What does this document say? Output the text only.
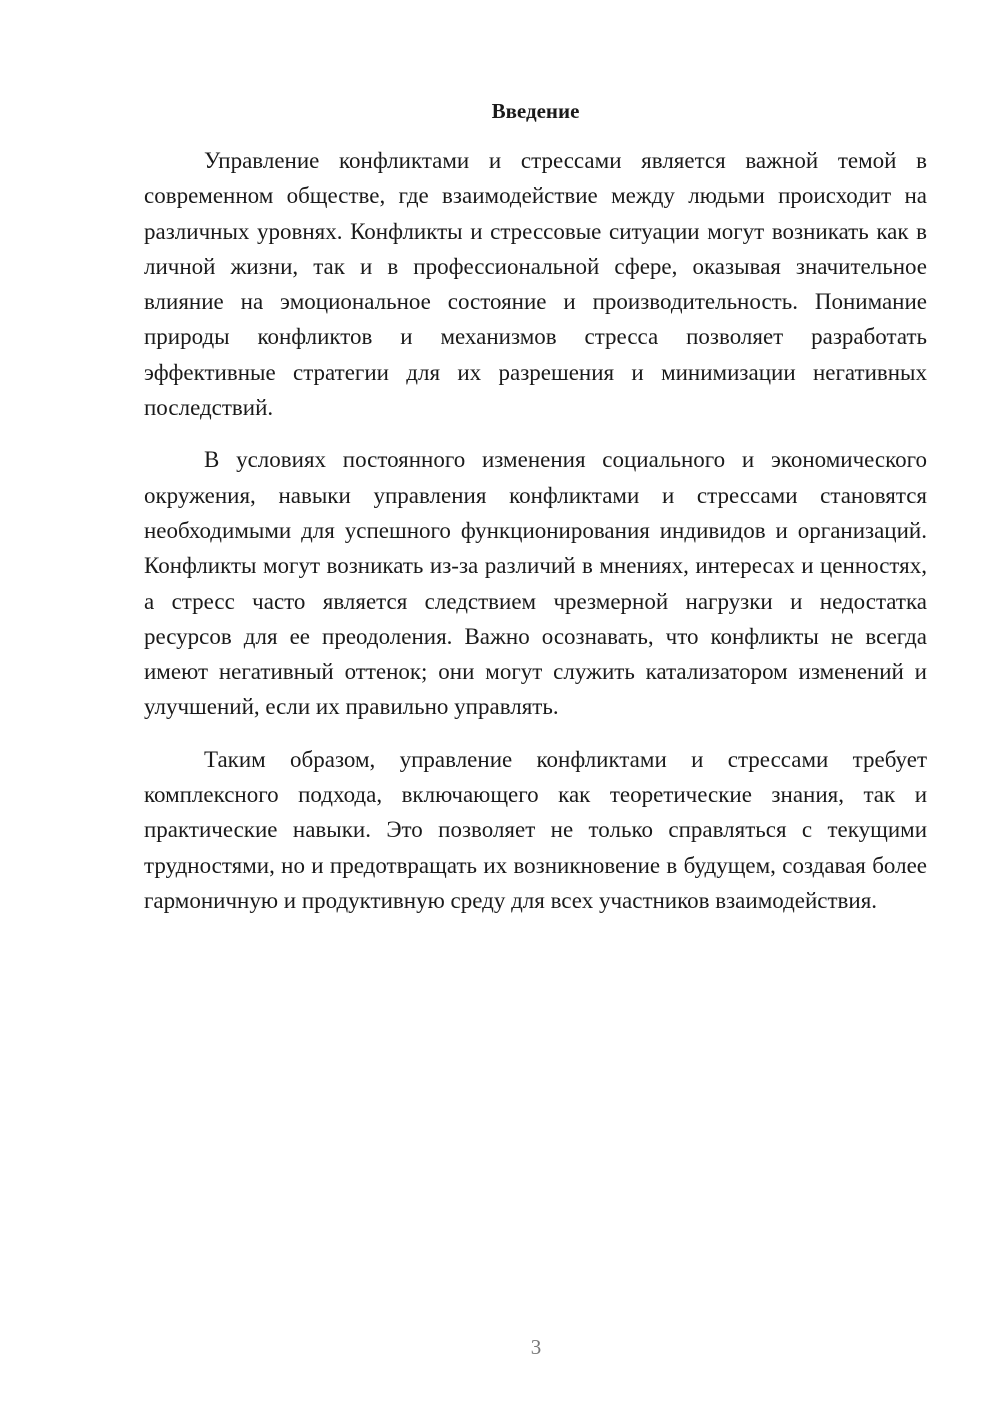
Введение

Управление конфликтами и стрессами является важной темой в современном обществе, где взаимодействие между людьми происходит на различных уровнях. Конфликты и стрессовые ситуации могут возникать как в личной жизни, так и в профессиональной сфере, оказывая значительное влияние на эмоциональное состояние и производительность. Понимание природы конфликтов и механизмов стресса позволяет разработать эффективные стратегии для их разрешения и минимизации негативных последствий.

В условиях постоянного изменения социального и экономического окружения, навыки управления конфликтами и стрессами становятся необходимыми для успешного функционирования индивидов и организаций. Конфликты могут возникать из-за различий в мнениях, интересах и ценностях, а стресс часто является следствием чрезмерной нагрузки и недостатка ресурсов для ее преодоления. Важно осознавать, что конфликты не всегда имеют негативный оттенок; они могут служить катализатором изменений и улучшений, если их правильно управлять.

Таким образом, управление конфликтами и стрессами требует комплексного подхода, включающего как теоретические знания, так и практические навыки. Это позволяет не только справляться с текущими трудностями, но и предотвращать их возникновение в будущем, создавая более гармоничную и продуктивную среду для всех участников взаимодействия.

3
